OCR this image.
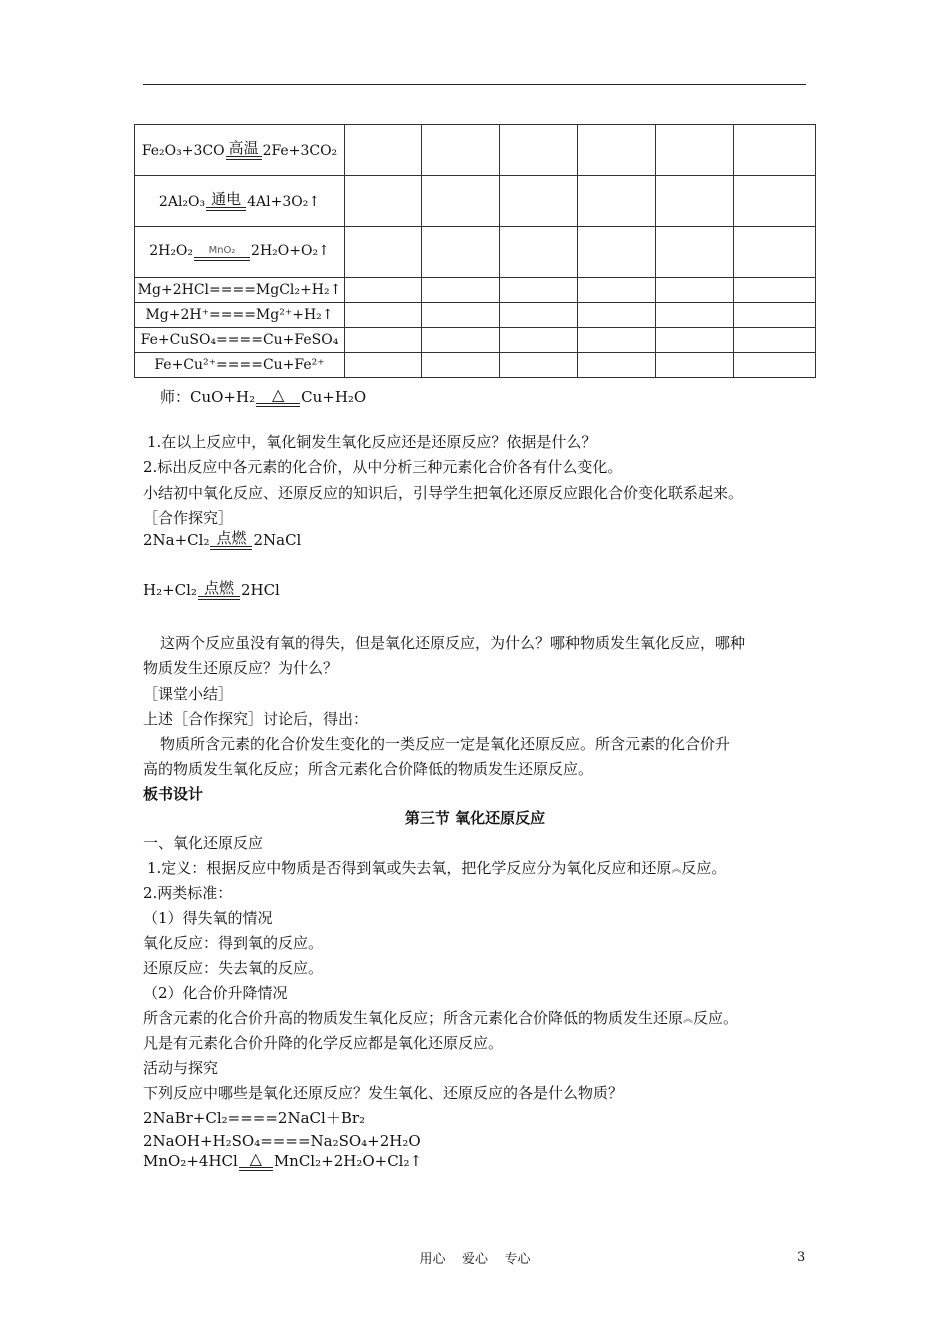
Fe₂O₃+3CO 高温 2Fe+3CO₂						
2Al₂O₃ 通电 4Al+3O₂↑						
2H₂O₂ MnO₂ 2H₂O+O₂↑						
Mg+2HCl====MgCl₂+H₂↑						
Mg+2H⁺====Mg²⁺+H₂↑						
Fe+CuSO₄====Cu+FeSO₄						
Fe+Cu²⁺====Cu+Fe²⁺						
师：CuO+H₂ △ Cu+H₂O
1.在以上反应中，氧化铜发生氧化反应还是还原反应？依据是什么？
2.标出反应中各元素的化合价，从中分析三种元素化合价各有什么变化。
小结初中氧化反应、还原反应的知识后，引导学生把氧化还原反应跟化合价变化联系起来。
［合作探究］
2Na+Cl₂ 点燃 2NaCl
H₂+Cl₂ 点燃 2HCl
这两个反应虽没有氧的得失，但是氧化还原反应，为什么？哪种物质发生氧化反应，哪种
物质发生还原反应？为什么？
［课堂小结］
上述［合作探究］讨论后，得出：
物质所含元素的化合价发生变化的一类反应一定是氧化还原反应。所含元素的化合价升
高的物质发生氧化反应；所含元素化合价降低的物质发生还原反应。
板书设计
第三节 氧化还原反应
一、氧化还原反应
1.定义：根据反应中物质是否得到氧或失去氧，把化学反应分为氧化反应和还原︽反应。
2.两类标准：
（1）得失氧的情况
氧化反应：得到氧的反应。
还原反应：失去氧的反应。
（2）化合价升降情况
所含元素的化合价升高的物质发生氧化反应；所含元素化合价降低的物质发生还原︽反应。
凡是有元素化合价升降的化学反应都是氧化还原反应。
活动与探究
下列反应中哪些是氧化还原反应？发生氧化、还原反应的各是什么物质？
2NaBr+Cl₂====2NaCl＋Br₂
2NaOH+H₂SO₄====Na₂SO₄+2H₂O
MnO₂+4HCl △ MnCl₂+2H₂O+Cl₂↑
用心    爱心    专心	3
